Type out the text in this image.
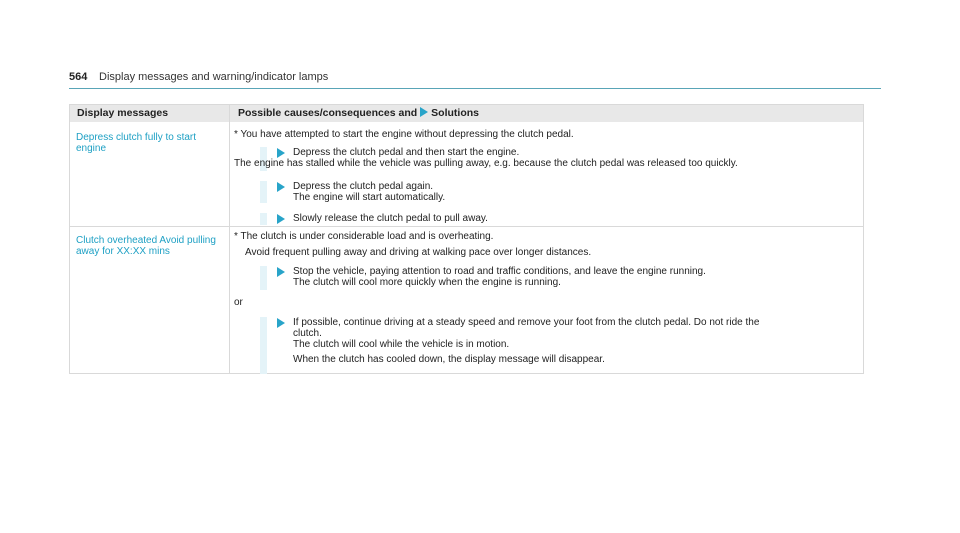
564 Display messages and warning/indicator lamps
Display messages	Possible causes/consequences and Solutions
Depress clutch fully to start engine
* You have attempted to start the engine without depressing the clutch pedal.
Depress the clutch pedal and then start the engine.
The engine has stalled while the vehicle was pulling away, e.g. because the clutch pedal was released too quickly.
Depress the clutch pedal again.
The engine will start automatically.
Slowly release the clutch pedal to pull away.
Clutch overheated Avoid pulling away for XX:XX mins
* The clutch is under considerable load and is overheating.
Avoid frequent pulling away and driving at walking pace over longer distances.
Stop the vehicle, paying attention to road and traffic conditions, and leave the engine running.
The clutch will cool more quickly when the engine is running.
or
If possible, continue driving at a steady speed and remove your foot from the clutch pedal. Do not ride the
clutch.
The clutch will cool while the vehicle is in motion.
When the clutch has cooled down, the display message will disappear.
